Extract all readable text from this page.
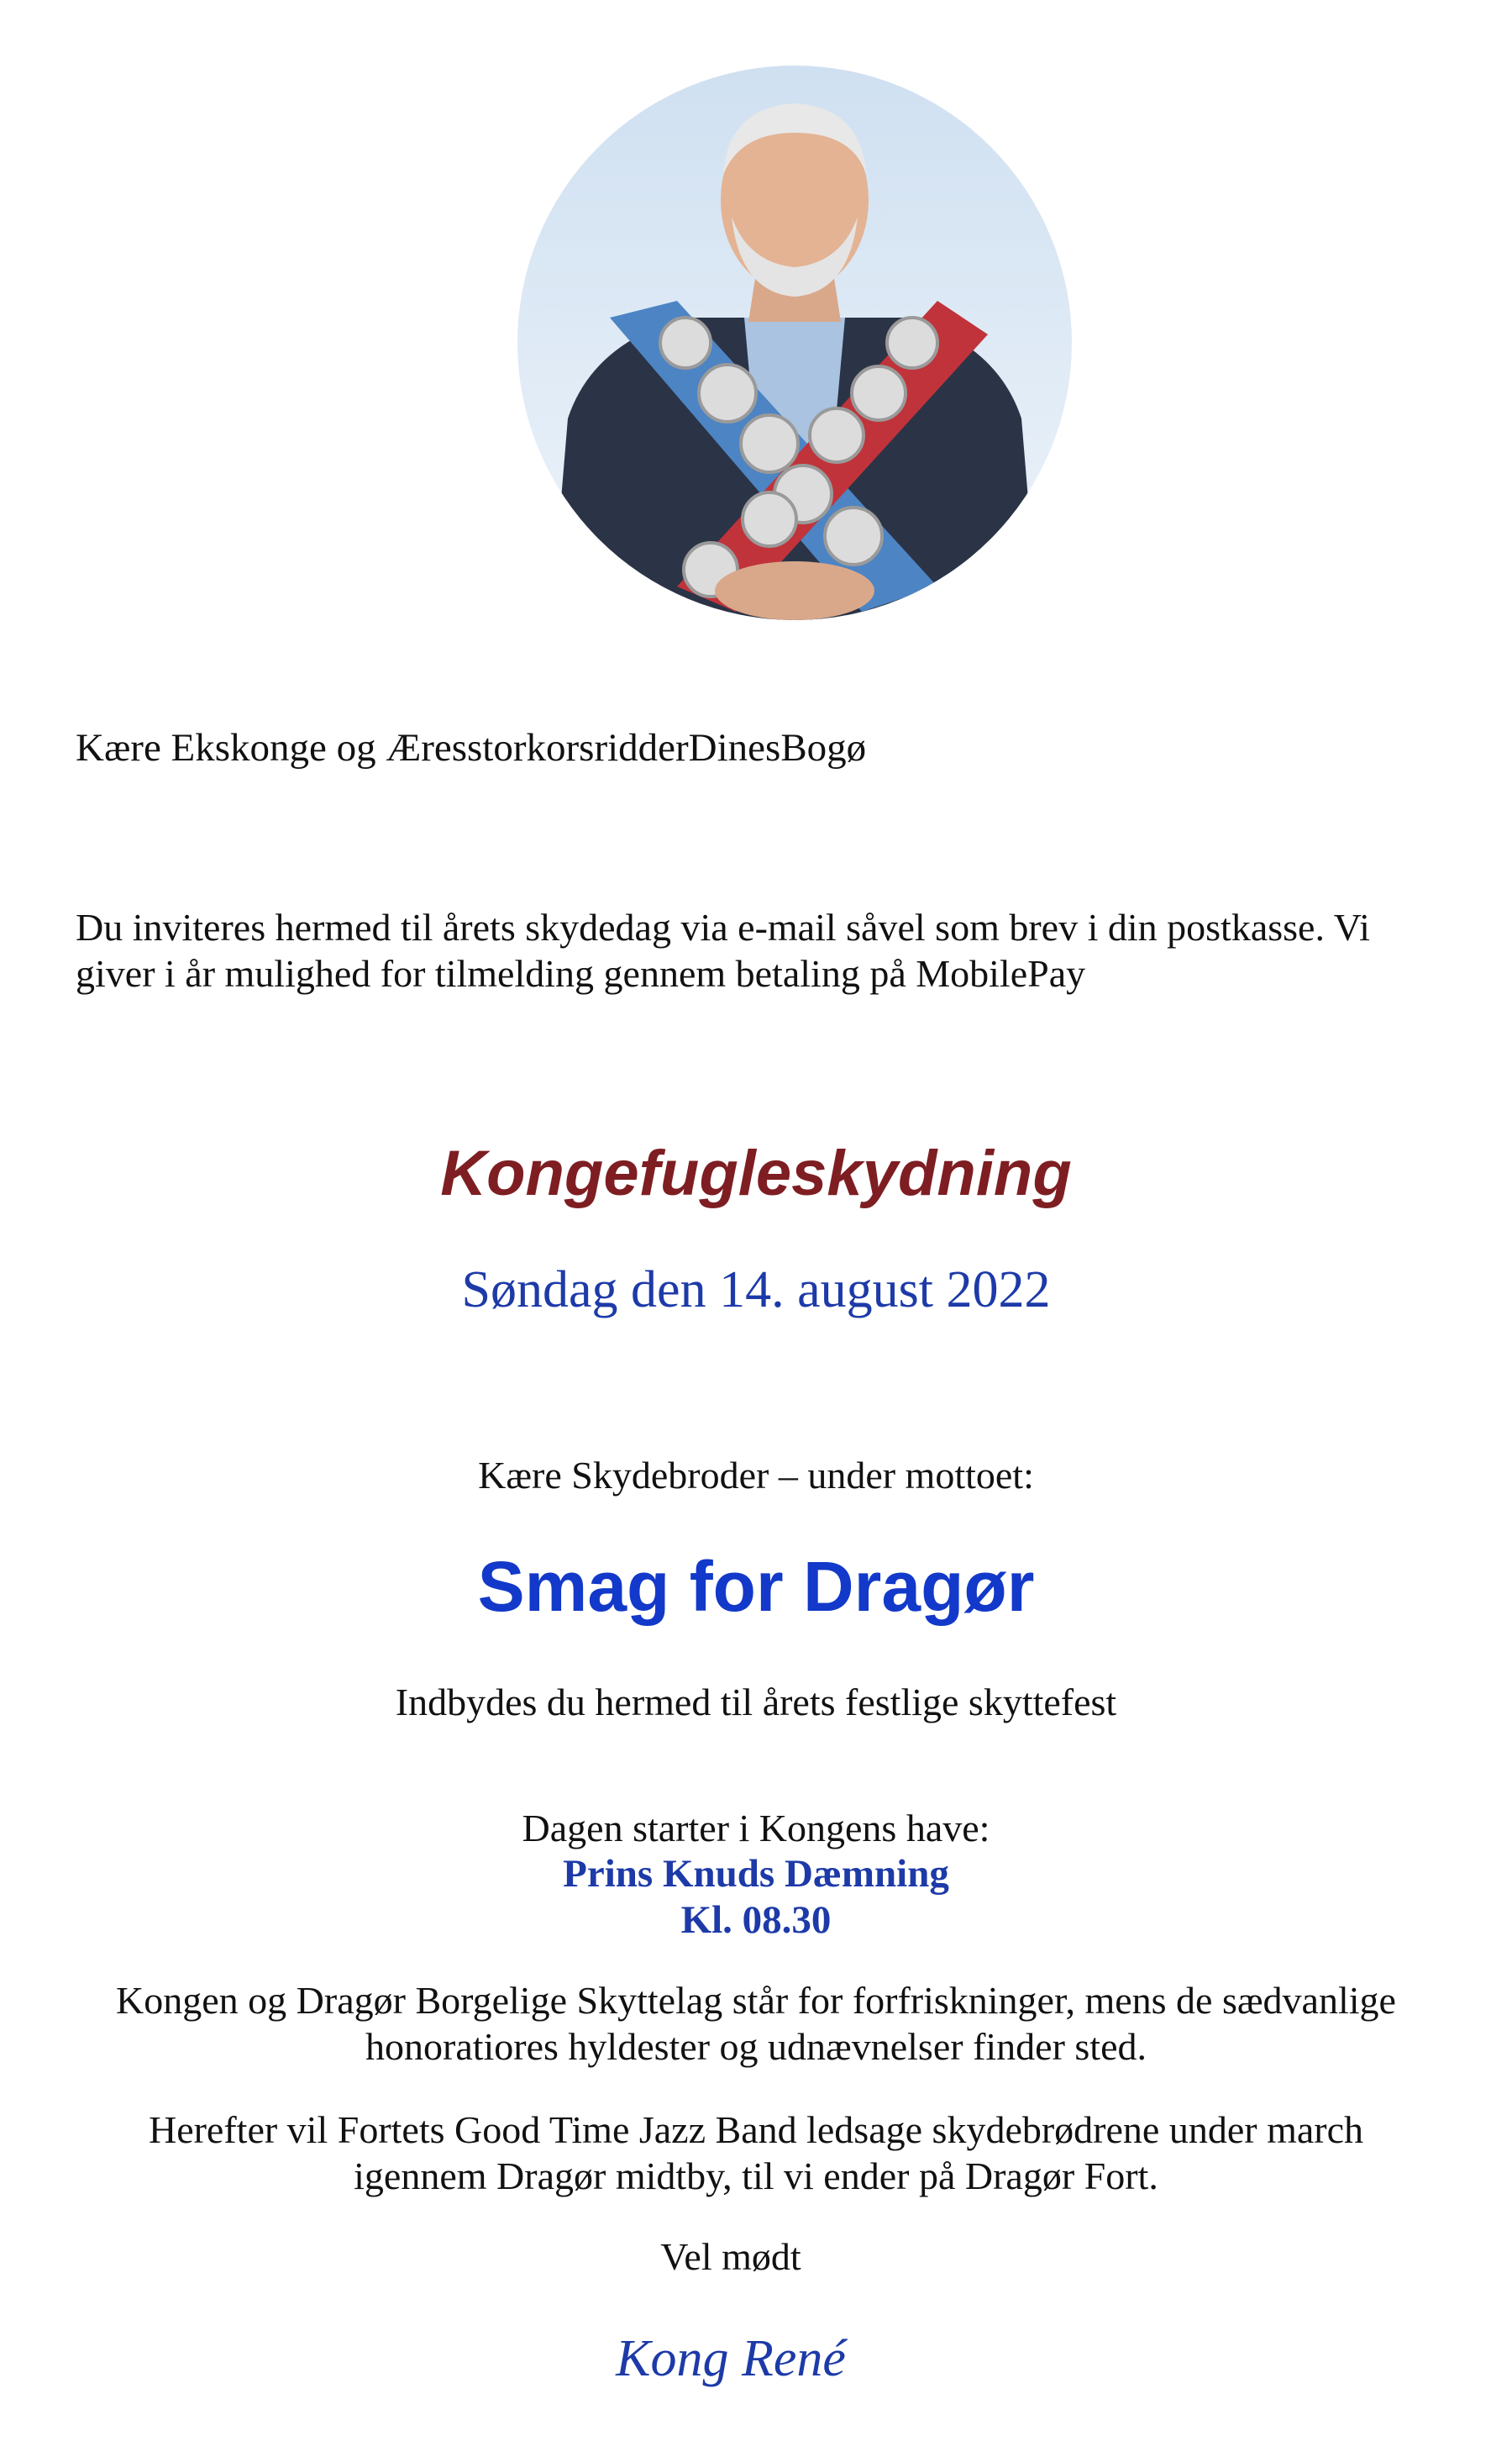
Kære Ekskonge og ÆresstorkorsridderDinesBogø
Du inviteres hermed til årets skydedag via e-mail såvel som brev i din postkasse. Vi
giver i år mulighed for tilmelding gennem betaling på MobilePay
Kongefugleskydning
Søndag den 14. august 2022
Kære Skydebroder – under mottoet:
Smag for Dragør
Indbydes du hermed til årets festlige skyttefest
Dagen starter i Kongens have:
Prins Knuds Dæmning
Kl. 08.30
Kongen og Dragør Borgelige Skyttelag står for forfriskninger, mens de sædvanlige
honoratiores hyldester og udnævnelser finder sted.
Herefter vil Fortets Good Time Jazz Band ledsage skydebrødrene under march
igennem Dragør midtby, til vi ender på Dragør Fort.
Vel mødt
Kong René
